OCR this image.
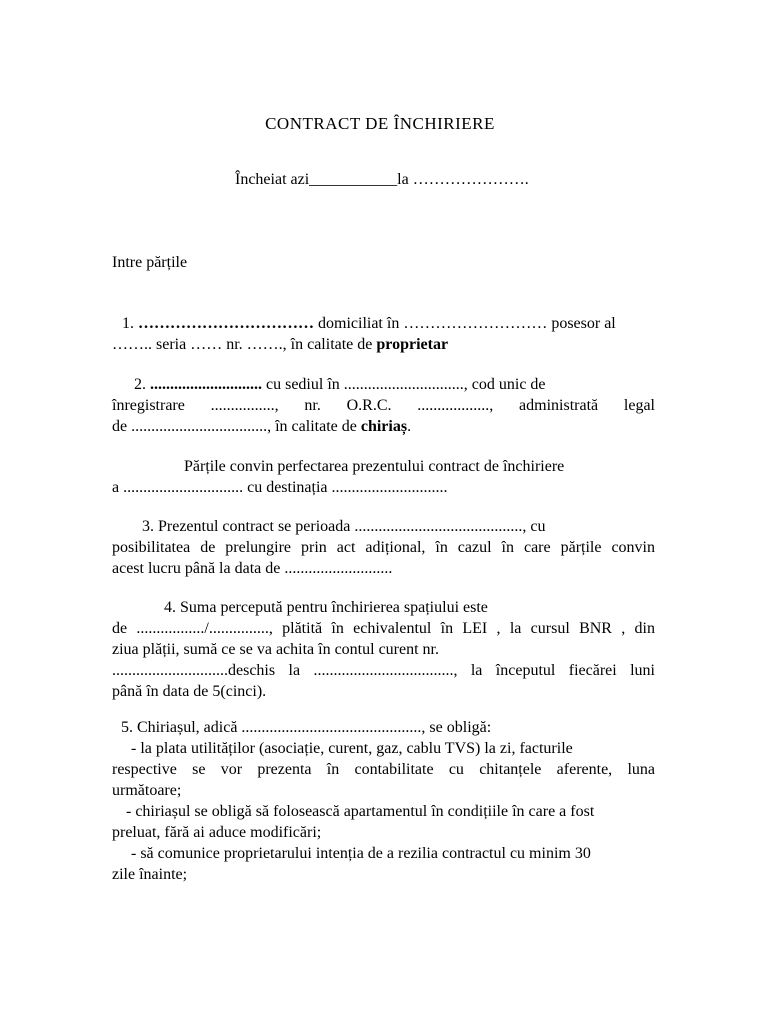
CONTRACT DE ÎNCHIRIERE
Încheiat azi___________la ………………….
Intre părțile
1. …………………………… domiciliat în ……………………… posesor al
…….. seria …… nr. ……., în calitate de proprietar
2. ............................ cu sediul în .............................., cod unic de
înregistrare ................, nr. O.R.C. .................., administrată legal
de .................................., în calitate de chiriaș.
Părțile convin perfectarea prezentului contract de închiriere
a .............................. cu destinația .............................
3. Prezentul contract se perioada .........................................., cu
posibilitatea de prelungire prin act adițional, în cazul în care părțile convin
acest lucru până la data de ...........................
4. Suma percepută pentru închirierea spațiului este
de ................./..............., plătită în echivalentul în LEI , la cursul BNR , din
ziua plății, sumă ce se va achita în contul curent nr.
.............................deschis la ..................................., la începutul fiecărei luni
până în data de 5(cinci).
5. Chiriașul, adică ............................................., se obligă:
- la plata utilităților (asociație, curent, gaz, cablu TVS) la zi, facturile
respective se vor prezenta în contabilitate cu chitanțele aferente, luna
următoare;
- chiriașul se obligă să folosească apartamentul în condițiile în care a fost
preluat, fără ai aduce modificări;
- să comunice proprietarului intenția de a rezilia contractul cu minim 30
zile înainte;
